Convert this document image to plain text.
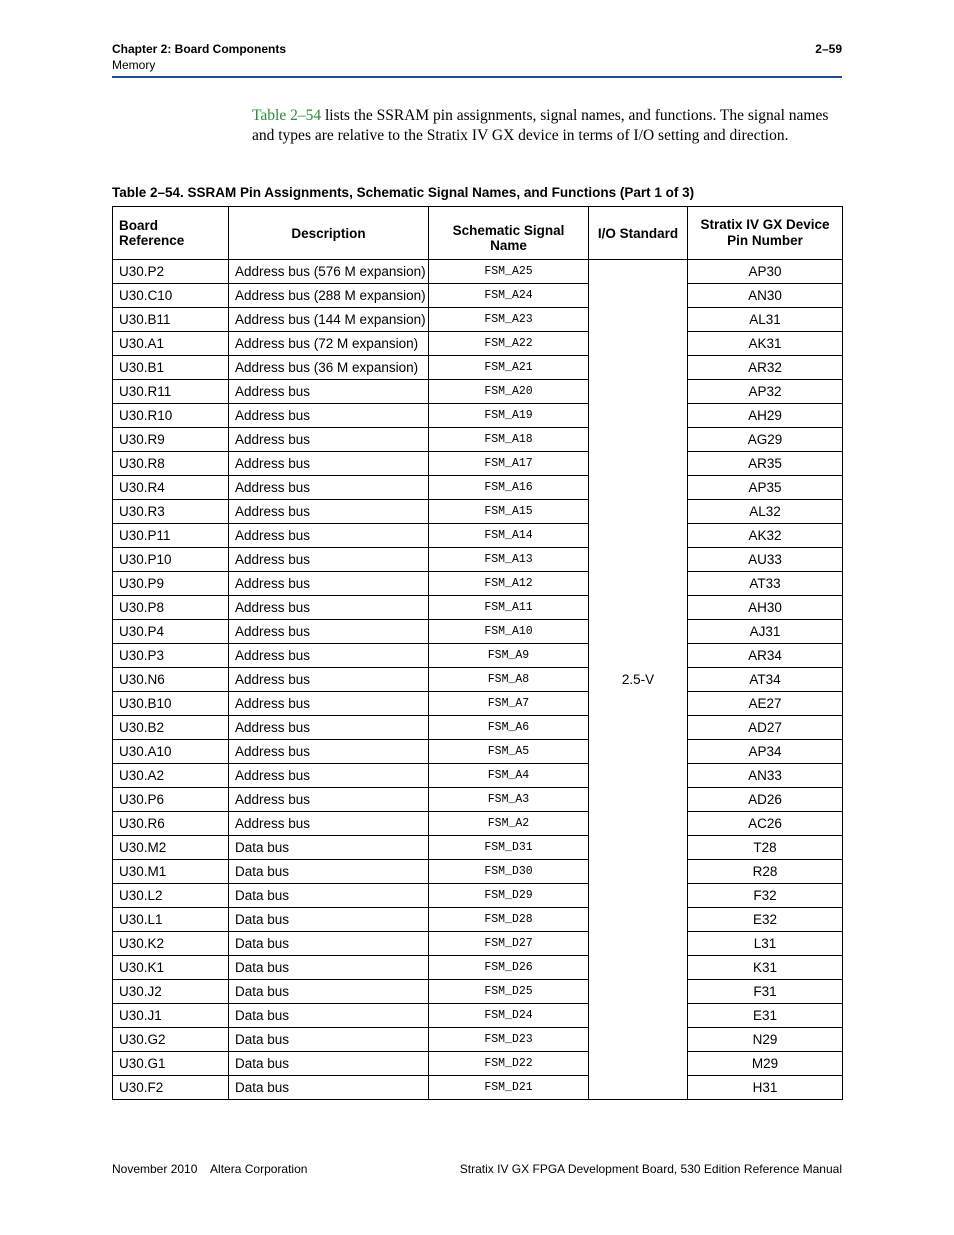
Chapter 2: Board Components	2–59
Memory

Table 2–54 lists the SSRAM pin assignments, signal names, and functions. The signal names and types are relative to the Stratix IV GX device in terms of I/O setting and direction.

Table 2–54. SSRAM Pin Assignments, Schematic Signal Names, and Functions (Part 1 of 3)
Board Reference	Description	Schematic Signal Name	I/O Standard	Stratix IV GX Device Pin Number
U30.P2	Address bus (576 M expansion)	FSM_A25	2.5-V	AP30
U30.C10	Address bus (288 M expansion)	FSM_A24		AN30
U30.B11	Address bus (144 M expansion)	FSM_A23		AL31
U30.A1	Address bus (72 M expansion)	FSM_A22		AK31
U30.B1	Address bus (36 M expansion)	FSM_A21		AR32
U30.R11	Address bus	FSM_A20		AP32
U30.R10	Address bus	FSM_A19		AH29
U30.R9	Address bus	FSM_A18		AG29
U30.R8	Address bus	FSM_A17		AR35
U30.R4	Address bus	FSM_A16		AP35
U30.R3	Address bus	FSM_A15		AL32
U30.P11	Address bus	FSM_A14		AK32
U30.P10	Address bus	FSM_A13		AU33
U30.P9	Address bus	FSM_A12		AT33
U30.P8	Address bus	FSM_A11		AH30
U30.P4	Address bus	FSM_A10		AJ31
U30.P3	Address bus	FSM_A9		AR34
U30.N6	Address bus	FSM_A8		AT34
U30.B10	Address bus	FSM_A7		AE27
U30.B2	Address bus	FSM_A6		AD27
U30.A10	Address bus	FSM_A5		AP34
U30.A2	Address bus	FSM_A4		AN33
U30.P6	Address bus	FSM_A3		AD26
U30.R6	Address bus	FSM_A2		AC26
U30.M2	Data bus	FSM_D31		T28
U30.M1	Data bus	FSM_D30		R28
U30.L2	Data bus	FSM_D29		F32
U30.L1	Data bus	FSM_D28		E32
U30.K2	Data bus	FSM_D27		L31
U30.K1	Data bus	FSM_D26		K31
U30.J2	Data bus	FSM_D25		F31
U30.J1	Data bus	FSM_D24		E31
U30.G2	Data bus	FSM_D23		N29
U30.G1	Data bus	FSM_D22		M29
U30.F2	Data bus	FSM_D21		H31
November 2010    Altera Corporation	Stratix IV GX FPGA Development Board, 530 Edition Reference Manual
